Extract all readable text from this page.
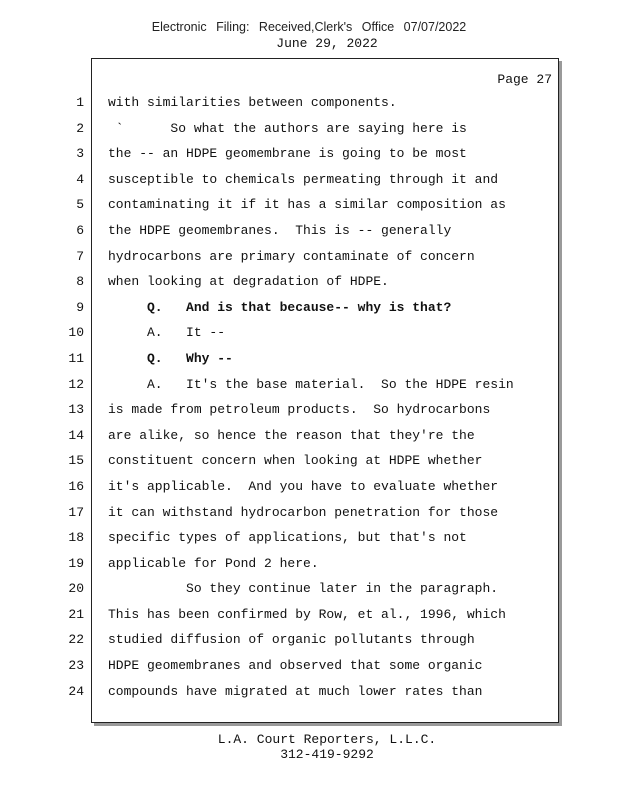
Electronic Filing: Received,Clerk's Office 07/07/2022
June 29, 2022
Page 27
1 with similarities between components.
2 `      So what the authors are saying here is
3 the -- an HDPE geomembrane is going to be most
4 susceptible to chemicals permeating through it and
5 contaminating it if it has a similar composition as
6 the HDPE geomembranes.  This is -- generally
7 hydrocarbons are primary contaminate of concern
8 when looking at degradation of HDPE.
9 Q.   And is that because-- why is that?
10 A.   It --
11 Q.   Why --
12 A.   It's the base material.  So the HDPE resin
13 is made from petroleum products.  So hydrocarbons
14 are alike, so hence the reason that they're the
15 constituent concern when looking at HDPE whether
16 it's applicable.  And you have to evaluate whether
17 it can withstand hydrocarbon penetration for those
18 specific types of applications, but that's not
19 applicable for Pond 2 here.
20 So they continue later in the paragraph.
21 This has been confirmed by Row, et al., 1996, which
22 studied diffusion of organic pollutants through
23 HDPE geomembranes and observed that some organic
24 compounds have migrated at much lower rates than
L.A. Court Reporters, L.L.C.
312-419-9292
